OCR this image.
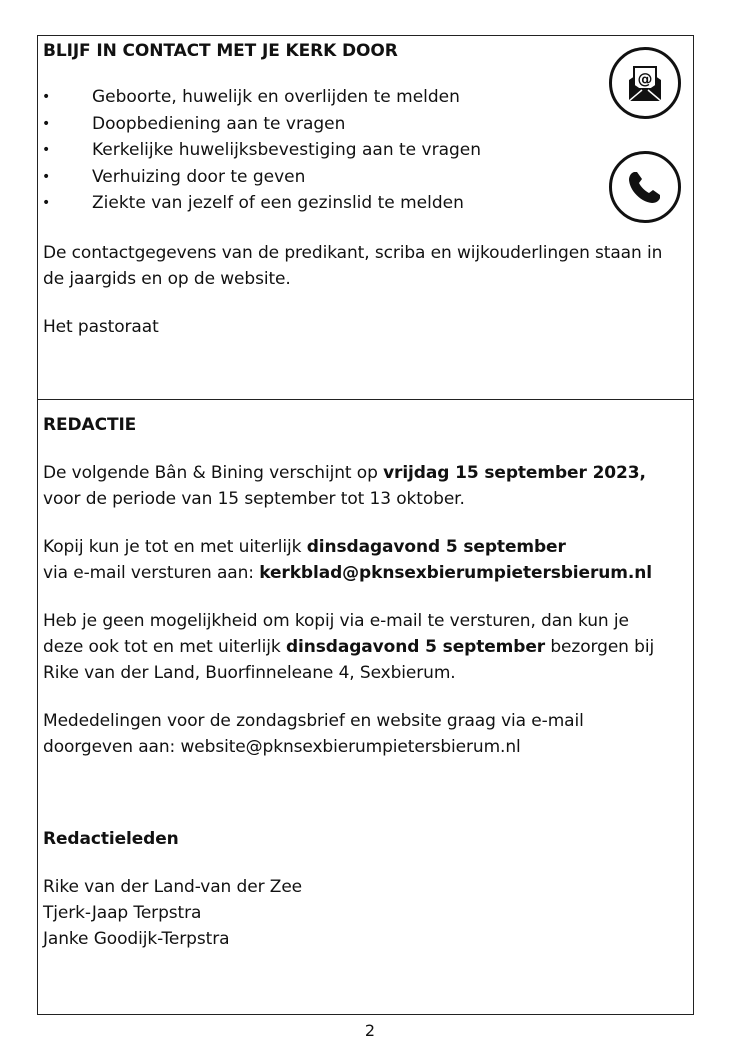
BLIJF IN CONTACT MET JE KERK DOOR
• Geboorte, huwelijk en overlijden te melden
• Doopbediening aan te vragen
• Kerkelijke huwelijksbevestiging aan te vragen
• Verhuizing door te geven
• Ziekte van jezelf of een gezinslid te melden
@
De contactgegevens van de predikant, scriba en wijkouderlingen staan in
de jaargids en op de website.
Het pastoraat
REDACTIE
De volgende Bân & Bining verschijnt op vrijdag 15 september 2023,
voor de periode van 15 september tot 13 oktober.
Kopij kun je tot en met uiterlijk dinsdagavond 5 september
via e-mail versturen aan: kerkblad@pknsexbierumpietersbierum.nl
Heb je geen mogelijkheid om kopij via e-mail te versturen, dan kun je
deze ook tot en met uiterlijk dinsdagavond 5 september bezorgen bij
Rike van der Land, Buorfinneleane 4, Sexbierum.
Mededelingen voor de zondagsbrief en website graag via e-mail
doorgeven aan: website@pknsexbierumpietersbierum.nl
Redactieleden
Rike van der Land-van der Zee
Tjerk-Jaap Terpstra
Janke Goodijk-Terpstra
2
